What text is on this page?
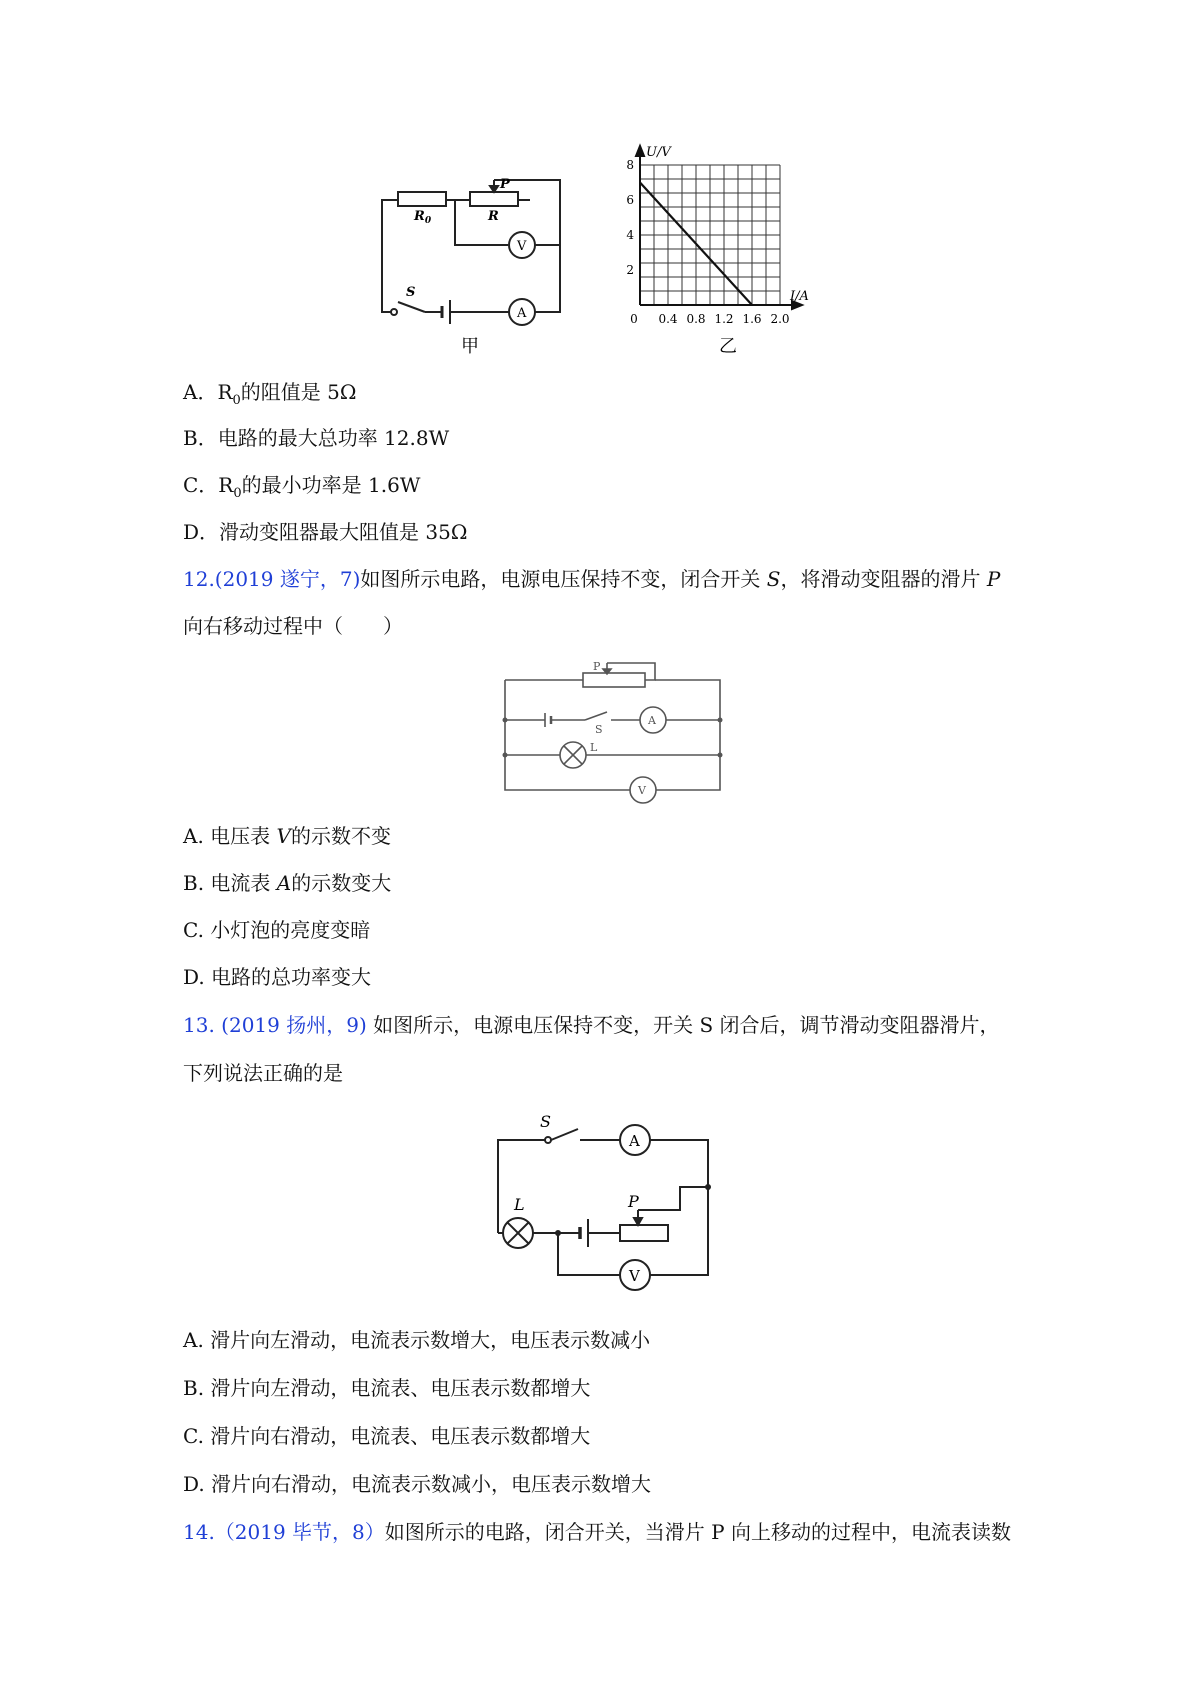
$R_0$	R
P
V
S
A
甲
U/V
I/A
8
6
4
2
0 0.4 0.8 1.2 1.6 2.0
乙
A．$R_0$的阻值是 5Ω
B．电路的最大总功率 12.8W
C．$R_0$的最小功率是 1.6W
D．滑动变阻器最大阻值是 35Ω
12.(2019 遂宁，7)如图所示电路，电源电压保持不变，闭合开关 S，将滑动变阻器的滑片 P
向右移动过程中（　　）
P
S
A
L
V
A. 电压表 V的示数不变
B. 电流表 A的示数变大
C. 小灯泡的亮度变暗
D. 电路的总功率变大
13. (2019 扬州，9) 如图所示，电源电压保持不变，开关 S 闭合后，调节滑动变阻器滑片，
下列说法正确的是
S
A
L	P
V
A. 滑片向左滑动，电流表示数增大，电压表示数减小
B. 滑片向左滑动，电流表、电压表示数都增大
C. 滑片向右滑动，电流表、电压表示数都增大
D. 滑片向右滑动，电流表示数减小，电压表示数增大
14.（2019 毕节，8）如图所示的电路，闭合开关，当滑片 P 向上移动的过程中，电流表读数
